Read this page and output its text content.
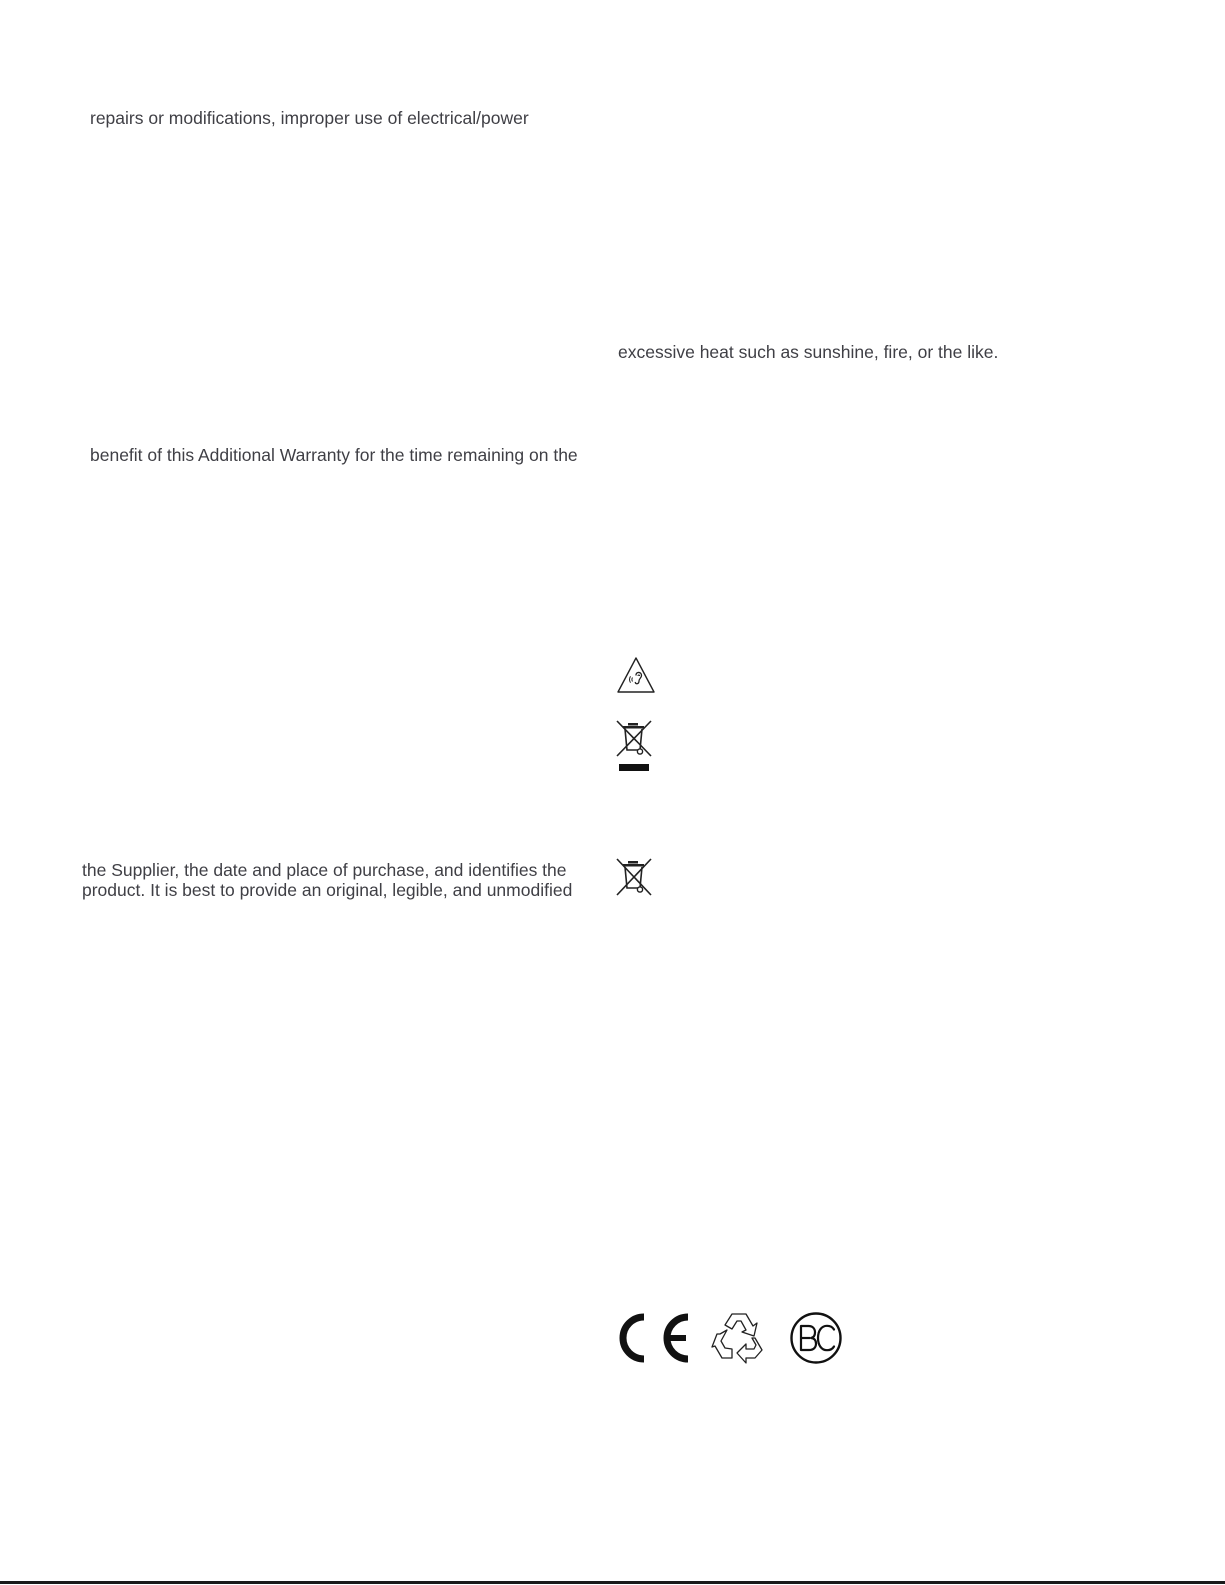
repairs or modifications, improper use of electrical/power
excessive heat such as sunshine, fire, or the like.
benefit of this Additional Warranty for the time remaining on the
the Supplier, the date and place of purchase, and identifies the
product. It is best to provide an original, legible, and unmodified
